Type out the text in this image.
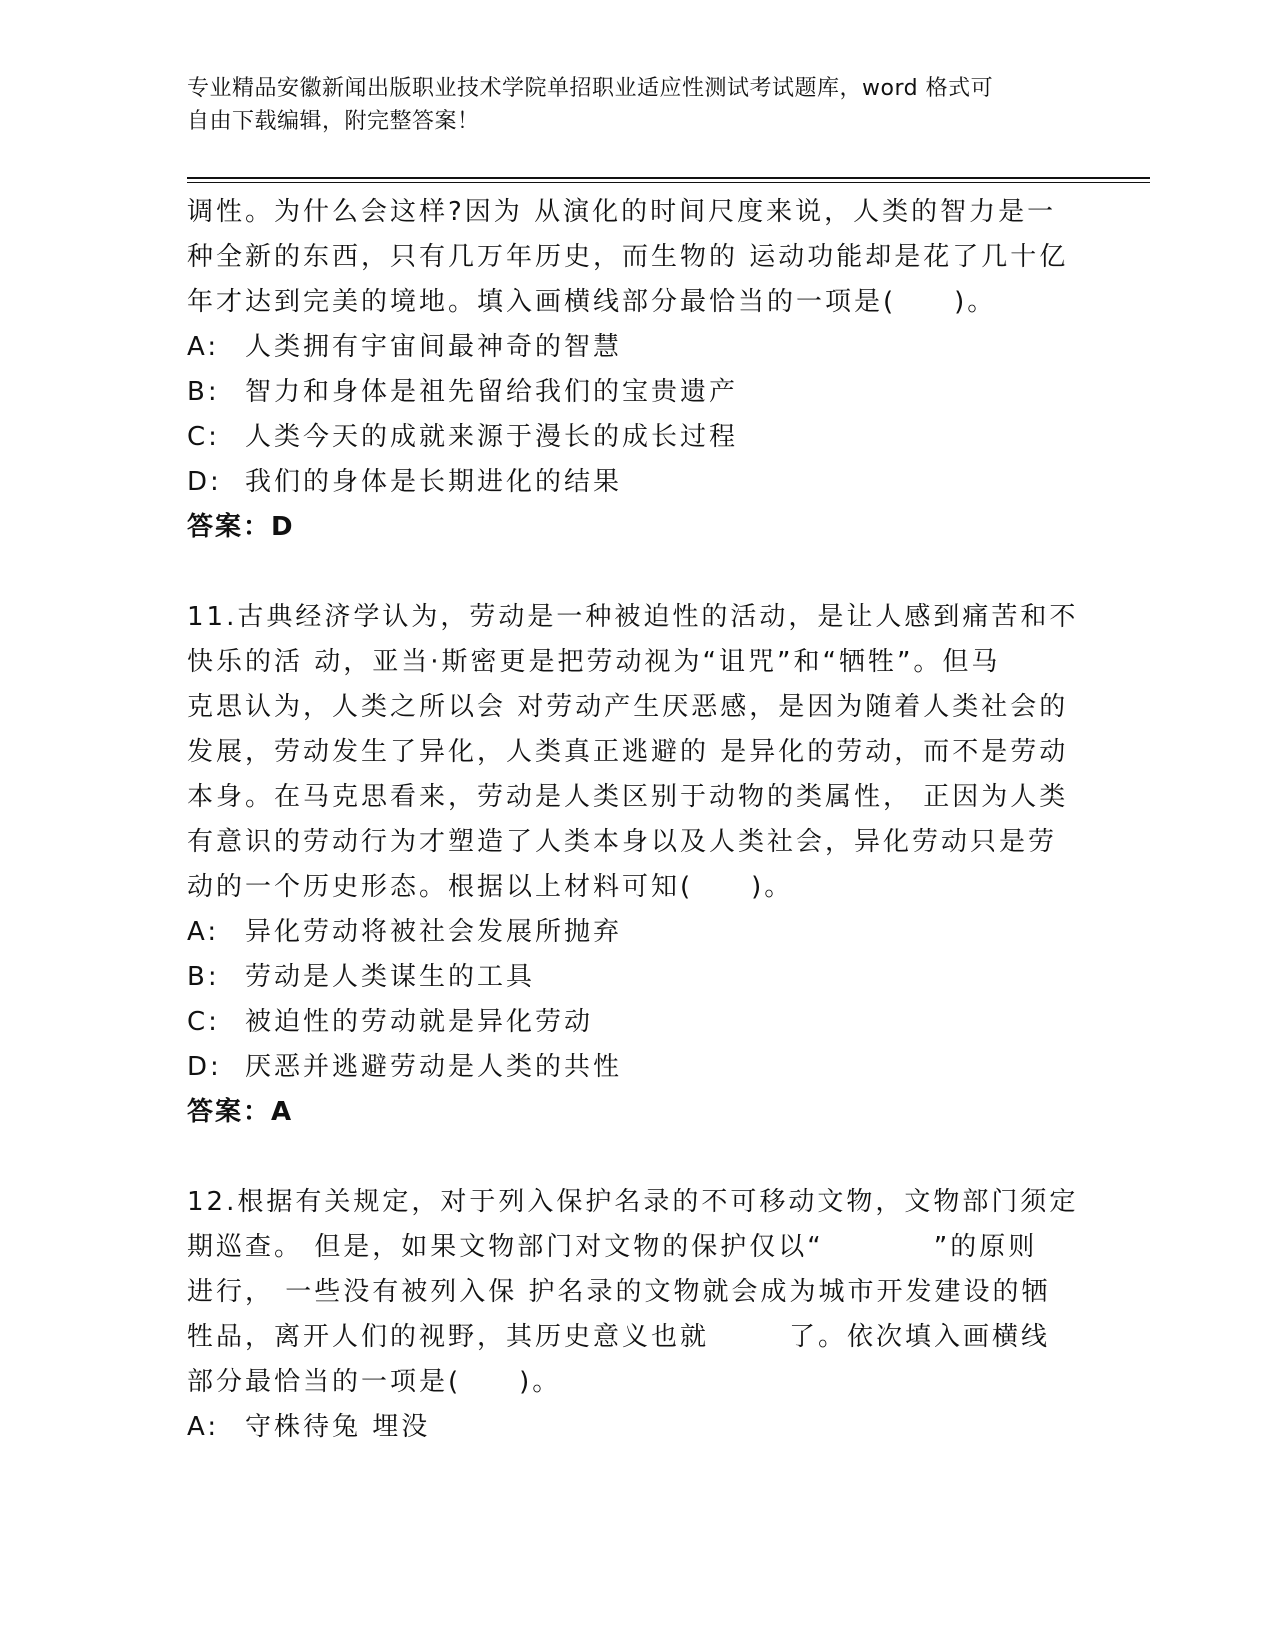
专业精品安徽新闻出版职业技术学院单招职业适应性测试考试题库，word 格式可
自由下载编辑，附完整答案！

调性。为什么会这样?因为 从演化的时间尺度来说，人类的智力是一

种全新的东西，只有几万年历史，而生物的 运动功能却是花了几十亿

年才达到完美的境地。填入画横线部分最恰当的一项是(　　)。

A: 人类拥有宇宙间最神奇的智慧
B: 智力和身体是祖先留给我们的宝贵遗产
C: 人类今天的成就来源于漫长的成长过程
D: 我们的身体是长期进化的结果

答案：D

11.古典经济学认为，劳动是一种被迫性的活动，是让人感到痛苦和不

快乐的活 动，亚当·斯密更是把劳动视为“诅咒”和“牺牲”。但马

克思认为，人类之所以会 对劳动产生厌恶感，是因为随着人类社会的

发展，劳动发生了异化，人类真正逃避的 是异化的劳动，而不是劳动

本身。在马克思看来，劳动是人类区别于动物的类属性， 正因为人类

有意识的劳动行为才塑造了人类本身以及人类社会，异化劳动只是劳

动的一个历史形态。根据以上材料可知(　　)。

A: 异化劳动将被社会发展所抛弃
B: 劳动是人类谋生的工具
C: 被迫性的劳动就是异化劳动
D: 厌恶并逃避劳动是人类的共性

答案：A

12.根据有关规定，对于列入保护名录的不可移动文物，文物部门须定

期巡查。 但是，如果文物部门对文物的保护仅以“	”的原则

进行， 一些没有被列入保 护名录的文物就会成为城市开发建设的牺

牲品，离开人们的视野，其历史意义也就	了。依次填入画横线

部分最恰当的一项是(　　)。

A: 守株待兔 埋没
